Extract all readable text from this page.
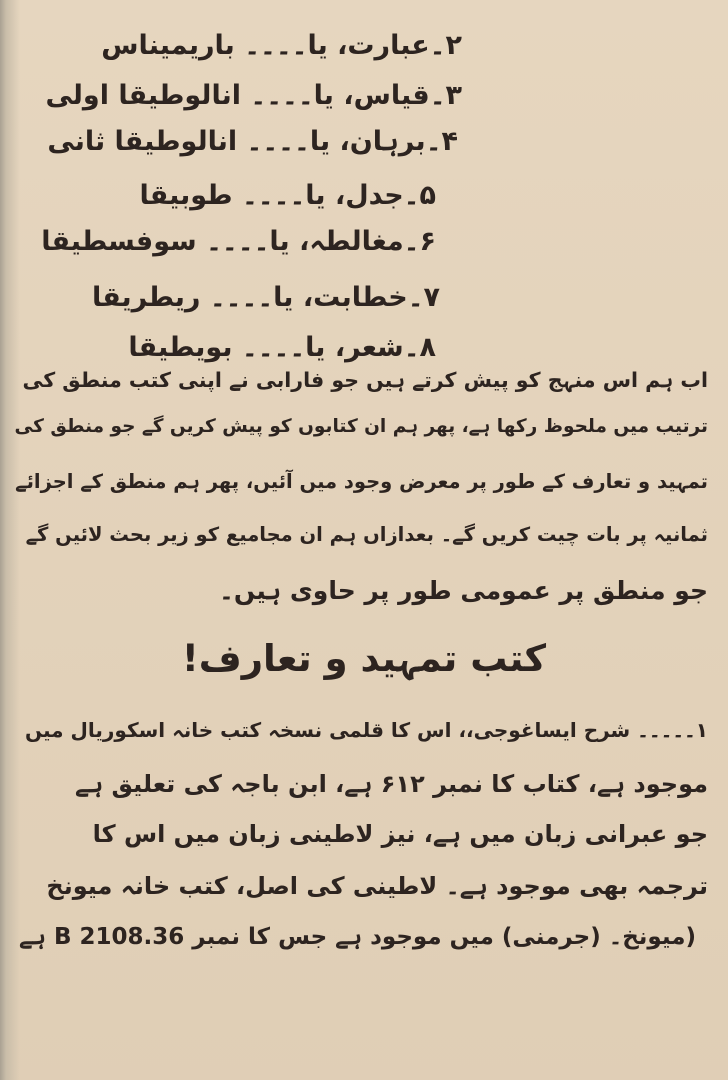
۲۔عبارت، یا۔۔۔۔ باریمیناس
۳۔قیاس، یا۔۔۔۔ انالوطیقا اولی
۴۔برہان، یا۔۔۔۔ انالوطیقا ثانی
۵۔جدل، یا۔۔۔۔ طوبیقا
۶۔مغالطہ، یا۔۔۔۔ سوفسطیقا
۷۔خطابت، یا۔۔۔۔ ریطریقا
۸۔شعر، یا۔۔۔۔ بویطیقا
اب ہم اس منہج کو پیش کرتے ہیں جو فارابی نے اپنی کتب منطق کی
ترتیب میں ملحوظ رکھا ہے، پھر ہم ان کتابوں کو پیش کریں گے جو منطق کی
تمہید و تعارف کے طور پر معرض وجود میں آئیں، پھر ہم منطق کے اجزائے
ثمانیہ پر بات چیت کریں گے۔ بعدازاں ہم ان مجامیع کو زیر بحث لائیں گے
جو منطق پر عمومی طور پر حاوی ہیں۔
کتب تمہید و تعارف!
۱۔۔۔۔۔ شرح ایساغوجی،، اس کا قلمی نسخہ کتب خانہ اسکوریال میں
موجود ہے، کتاب کا نمبر ۶۱۲ ہے، ابن باجہ کی تعلیق ہے
جو عبرانی زبان میں ہے، نیز لاطینی زبان میں اس کا
ترجمہ بھی موجود ہے۔ لاطینی کی اصل، کتب خانہ میونخ
(میونخ۔ (جرمنی) میں موجود ہے جس کا نمبر 36.B 2108 ہے
